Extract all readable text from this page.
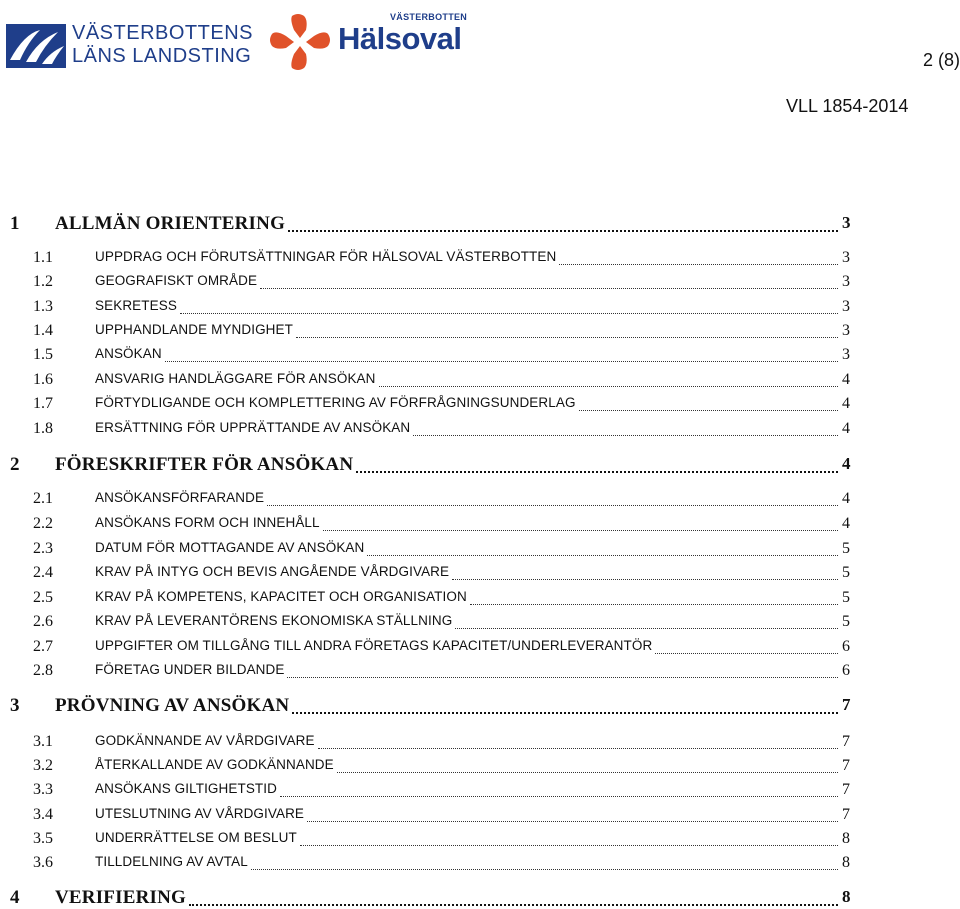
VÄSTERBOTTENS
LÄNS LANDSTING
VÄSTERBOTTEN
Hälsoval
2 (8)
VLL 1854-2014
1 ALLMÄN ORIENTERING	3
1.1	UPPDRAG OCH FÖRUTSÄTTNINGAR FÖR HÄLSOVAL VÄSTERBOTTEN	3
1.2	GEOGRAFISKT OMRÅDE	3
1.3	SEKRETESS	3
1.4	UPPHANDLANDE MYNDIGHET	3
1.5	ANSÖKAN	3
1.6	ANSVARIG HANDLÄGGARE FÖR ANSÖKAN	4
1.7	FÖRTYDLIGANDE OCH KOMPLETTERING AV FÖRFRÅGNINGSUNDERLAG	4
1.8	ERSÄTTNING FÖR UPPRÄTTANDE AV ANSÖKAN	4
2 FÖRESKRIFTER FÖR ANSÖKAN	4
2.1	ANSÖKANSFÖRFARANDE	4
2.2	ANSÖKANS FORM OCH INNEHÅLL	4
2.3	DATUM FÖR MOTTAGANDE AV ANSÖKAN	5
2.4	KRAV PÅ INTYG OCH BEVIS ANGÅENDE VÅRDGIVARE	5
2.5	KRAV PÅ KOMPETENS, KAPACITET OCH ORGANISATION	5
2.6	KRAV PÅ LEVERANTÖRENS EKONOMISKA STÄLLNING	5
2.7	UPPGIFTER OM TILLGÅNG TILL ANDRA FÖRETAGS KAPACITET/UNDERLEVERANTÖR	6
2.8	FÖRETAG UNDER BILDANDE	6
3 PRÖVNING AV ANSÖKAN	7
3.1	GODKÄNNANDE AV VÅRDGIVARE	7
3.2	ÅTERKALLANDE AV GODKÄNNANDE	7
3.3	ANSÖKANS GILTIGHETSTID	7
3.4	UTESLUTNING AV VÅRDGIVARE	7
3.5	UNDERRÄTTELSE OM BESLUT	8
3.6	TILLDELNING AV AVTAL	8
4 VERIFIERING	8
